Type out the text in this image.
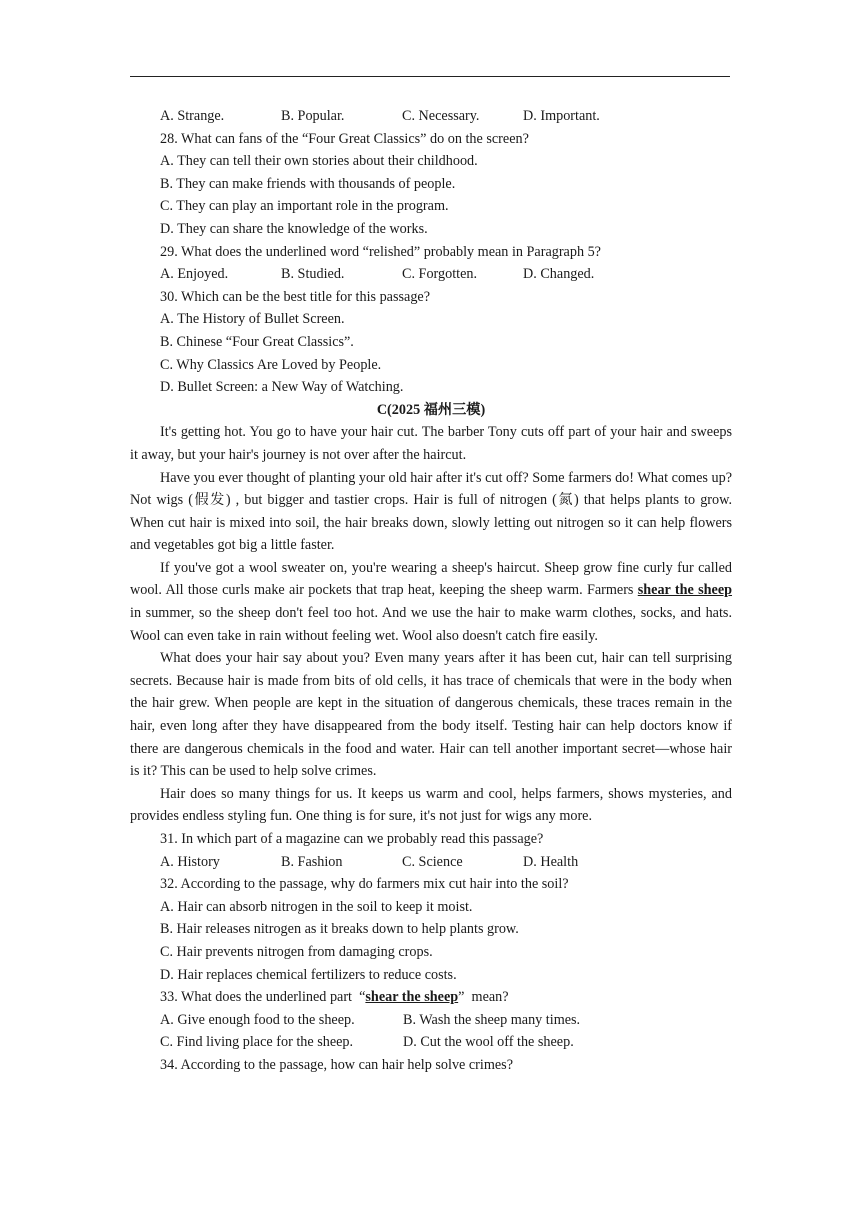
A. Strange.	B. Popular.	C. Necessary.	D. Important.

28. What can fans of the “Four Great Classics” do on the screen?

A. They can tell their own stories about their childhood.

B. They can make friends with thousands of people.

C. They can play an important role in the program.

D. They can share the knowledge of the works.

29. What does the underlined word “relished” probably mean in Paragraph 5?

A. Enjoyed.	B. Studied.	C. Forgotten.	D. Changed.

30. Which can be the best title for this passage?

A. The History of Bullet Screen.

B. Chinese “Four Great Classics”.

C. Why Classics Are Loved by People.

D. Bullet Screen: a New Way of Watching.

C(2025 福州三模)

It's getting hot. You go to have your hair cut. The barber Tony cuts off part of your hair and sweeps it away, but your hair's journey is not over after the haircut.

Have you ever thought of planting your old hair after it's cut off? Some farmers do! What comes up? Not wigs (假发) , but bigger and tastier crops. Hair is full of nitrogen (氮) that helps plants to grow. When cut hair is mixed into soil, the hair breaks down, slowly letting out nitrogen so it can help flowers and vegetables got big a little faster.

If you've got a wool sweater on, you're wearing a sheep's haircut. Sheep grow fine curly fur called wool. All those curls make air pockets that trap heat, keeping the sheep warm. Farmers shear the sheep in summer, so the sheep don't feel too hot. And we use the hair to make warm clothes, socks, and hats. Wool can even take in rain without feeling wet. Wool also doesn't catch fire easily.

What does your hair say about you? Even many years after it has been cut, hair can tell surprising secrets. Because hair is made from bits of old cells, it has trace of chemicals that were in the body when the hair grew. When people are kept in the situation of dangerous chemicals, these traces remain in the hair, even long after they have disappeared from the body itself. Testing hair can help doctors know if there are dangerous chemicals in the food and water. Hair can tell another important secret—whose hair is it? This can be used to help solve crimes.

Hair does so many things for us. It keeps us warm and cool, helps farmers, shows mysteries, and provides endless styling fun. One thing is for sure, it's not just for wigs any more.

31. In which part of a magazine can we probably read this passage?

A. History	B. Fashion	C. Science	D. Health

32. According to the passage, why do farmers mix cut hair into the soil?

A. Hair can absorb nitrogen in the soil to keep it moist.

B. Hair releases nitrogen as it breaks down to help plants grow.

C. Hair prevents nitrogen from damaging crops.

D. Hair replaces chemical fertilizers to reduce costs.

33. What does the underlined part  “shear the sheep”  mean?

A. Give enough food to the sheep.	B. Wash the sheep many times.
C. Find living place for the sheep.	D. Cut the wool off the sheep.

34. According to the passage, how can hair help solve crimes?
